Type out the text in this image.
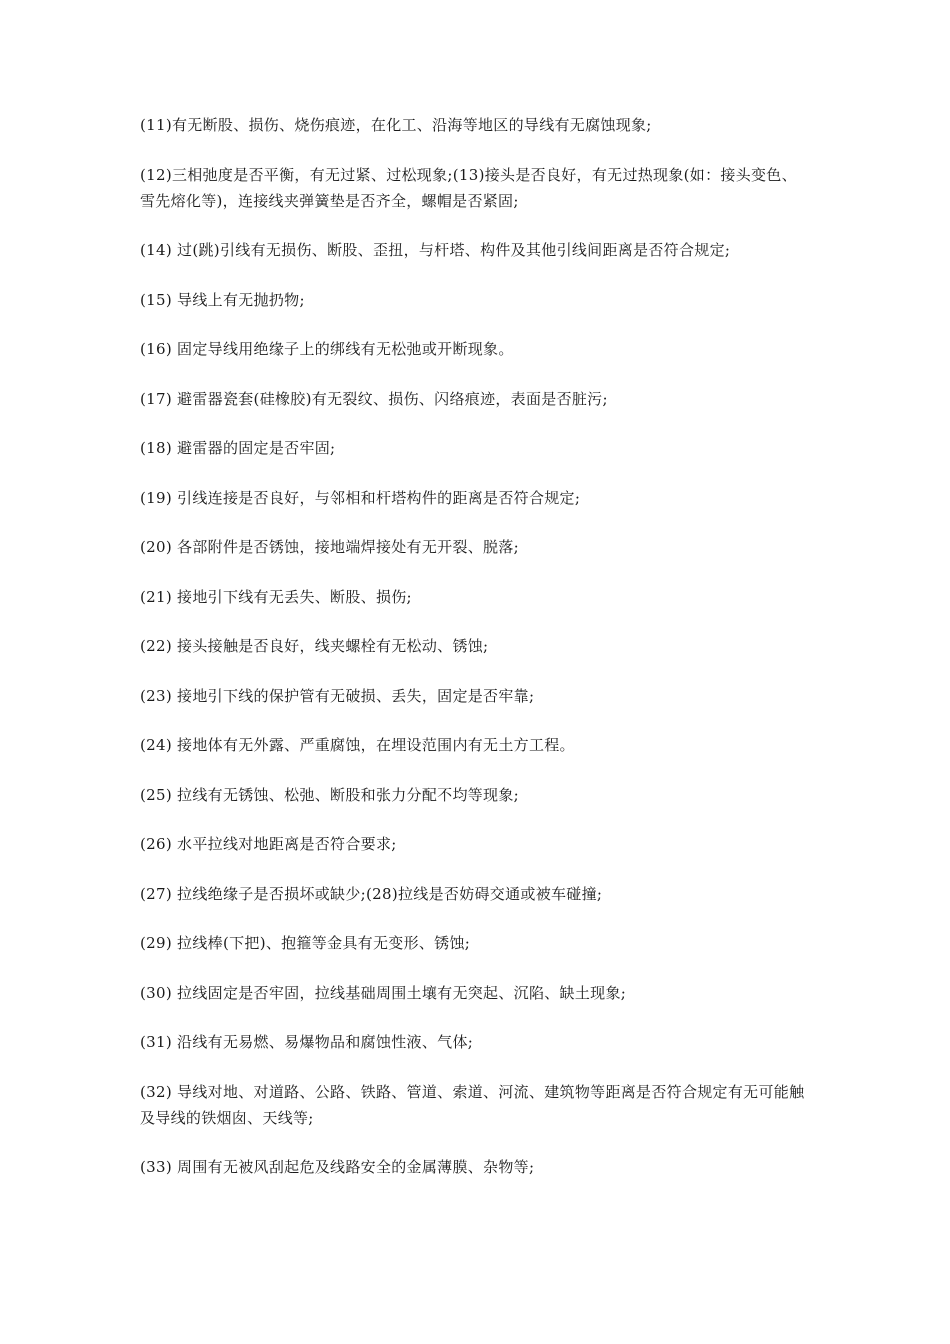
(11)有无断股、损伤、烧伤痕迹，在化工、沿海等地区的导线有无腐蚀现象;

(12)三相弛度是否平衡，有无过紧、过松现象;(13)接头是否良好，有无过热现象(如：接头变色、雪先熔化等)，连接线夹弹簧垫是否齐全，螺帽是否紧固;

(14) 过(跳)引线有无损伤、断股、歪扭，与杆塔、构件及其他引线间距离是否符合规定;

(15) 导线上有无抛扔物;

(16) 固定导线用绝缘子上的绑线有无松弛或开断现象。

(17) 避雷器瓷套(硅橡胶)有无裂纹、损伤、闪络痕迹，表面是否脏污;

(18) 避雷器的固定是否牢固;

(19) 引线连接是否良好，与邻相和杆塔构件的距离是否符合规定;

(20) 各部附件是否锈蚀，接地端焊接处有无开裂、脱落;

(21) 接地引下线有无丢失、断股、损伤;

(22) 接头接触是否良好，线夹螺栓有无松动、锈蚀;

(23) 接地引下线的保护管有无破损、丢失，固定是否牢靠;

(24) 接地体有无外露、严重腐蚀，在埋设范围内有无土方工程。

(25) 拉线有无锈蚀、松弛、断股和张力分配不均等现象;

(26) 水平拉线对地距离是否符合要求;

(27) 拉线绝缘子是否损坏或缺少;(28)拉线是否妨碍交通或被车碰撞;

(29) 拉线棒(下把)、抱箍等金具有无变形、锈蚀;

(30) 拉线固定是否牢固，拉线基础周围土壤有无突起、沉陷、缺土现象;

(31) 沿线有无易燃、易爆物品和腐蚀性液、气体;

(32) 导线对地、对道路、公路、铁路、管道、索道、河流、建筑物等距离是否符合规定有无可能触及导线的铁烟囱、天线等;

(33) 周围有无被风刮起危及线路安全的金属薄膜、杂物等;
